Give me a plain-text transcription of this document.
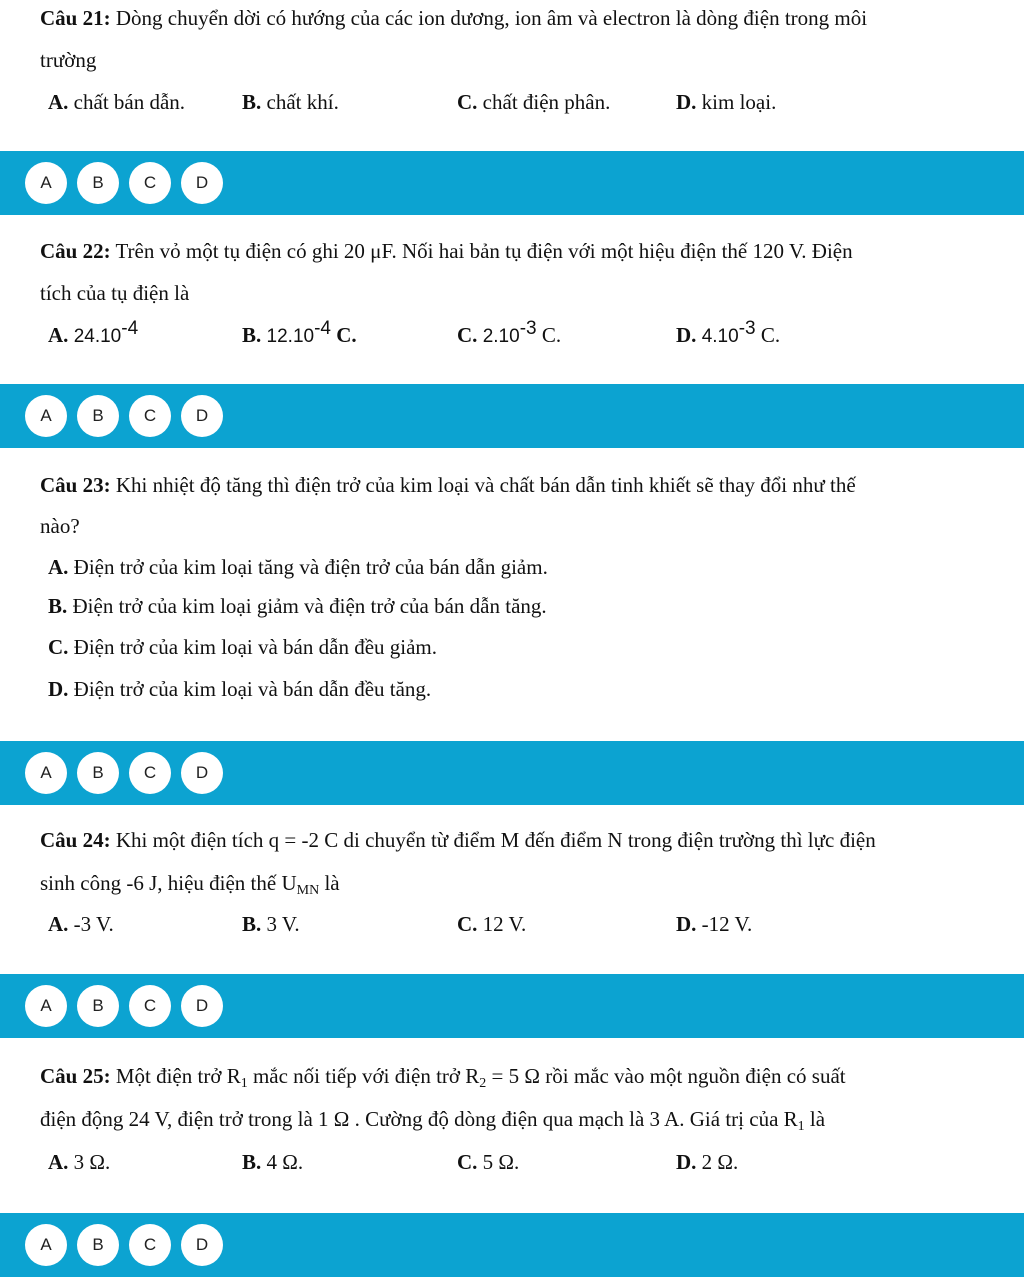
Câu 21: Dòng chuyển dời có hướng của các ion dương, ion âm và electron là dòng điện trong môi
trường
A. chất bán dẫn.	B. chất khí.	C. chất điện phân.	D. kim loại.
A	B	C	D
Câu 22: Trên vỏ một tụ điện có ghi 20 μF. Nối hai bản tụ điện với một hiệu điện thế 120 V. Điện
tích của tụ điện là
A. $24.10^{-4}$	B. $12.10^{-4}$ C.	C. $2.10^{-3}$ C.	D. $4.10^{-3}$ C.
A	B	C	D
Câu 23: Khi nhiệt độ tăng thì điện trở của kim loại và chất bán dẫn tinh khiết sẽ thay đổi như thế
nào?
A. Điện trở của kim loại tăng và điện trở của bán dẫn giảm.
B. Điện trở của kim loại giảm và điện trở của bán dẫn tăng.
C. Điện trở của kim loại và bán dẫn đều giảm.
D. Điện trở của kim loại và bán dẫn đều tăng.
A	B	C	D
Câu 24: Khi một điện tích q = -2 C di chuyển từ điểm M đến điểm N trong điện trường thì lực điện
sinh công -6 J, hiệu điện thế $U_{MN}$ là
A. -3 V.	B. 3 V.	C. 12 V.	D. -12 V.
A	B	C	D
Câu 25: Một điện trở $R_1$ mắc nối tiếp với điện trở $R_2 = 5$ Ω rồi mắc vào một nguồn điện có suất
điện động 24 V, điện trở trong là 1 Ω . Cường độ dòng điện qua mạch là 3 A. Giá trị của $R_1$ là
A. 3 Ω.	B. 4 Ω.	C. 5 Ω.	D. 2 Ω.
A	B	C	D
